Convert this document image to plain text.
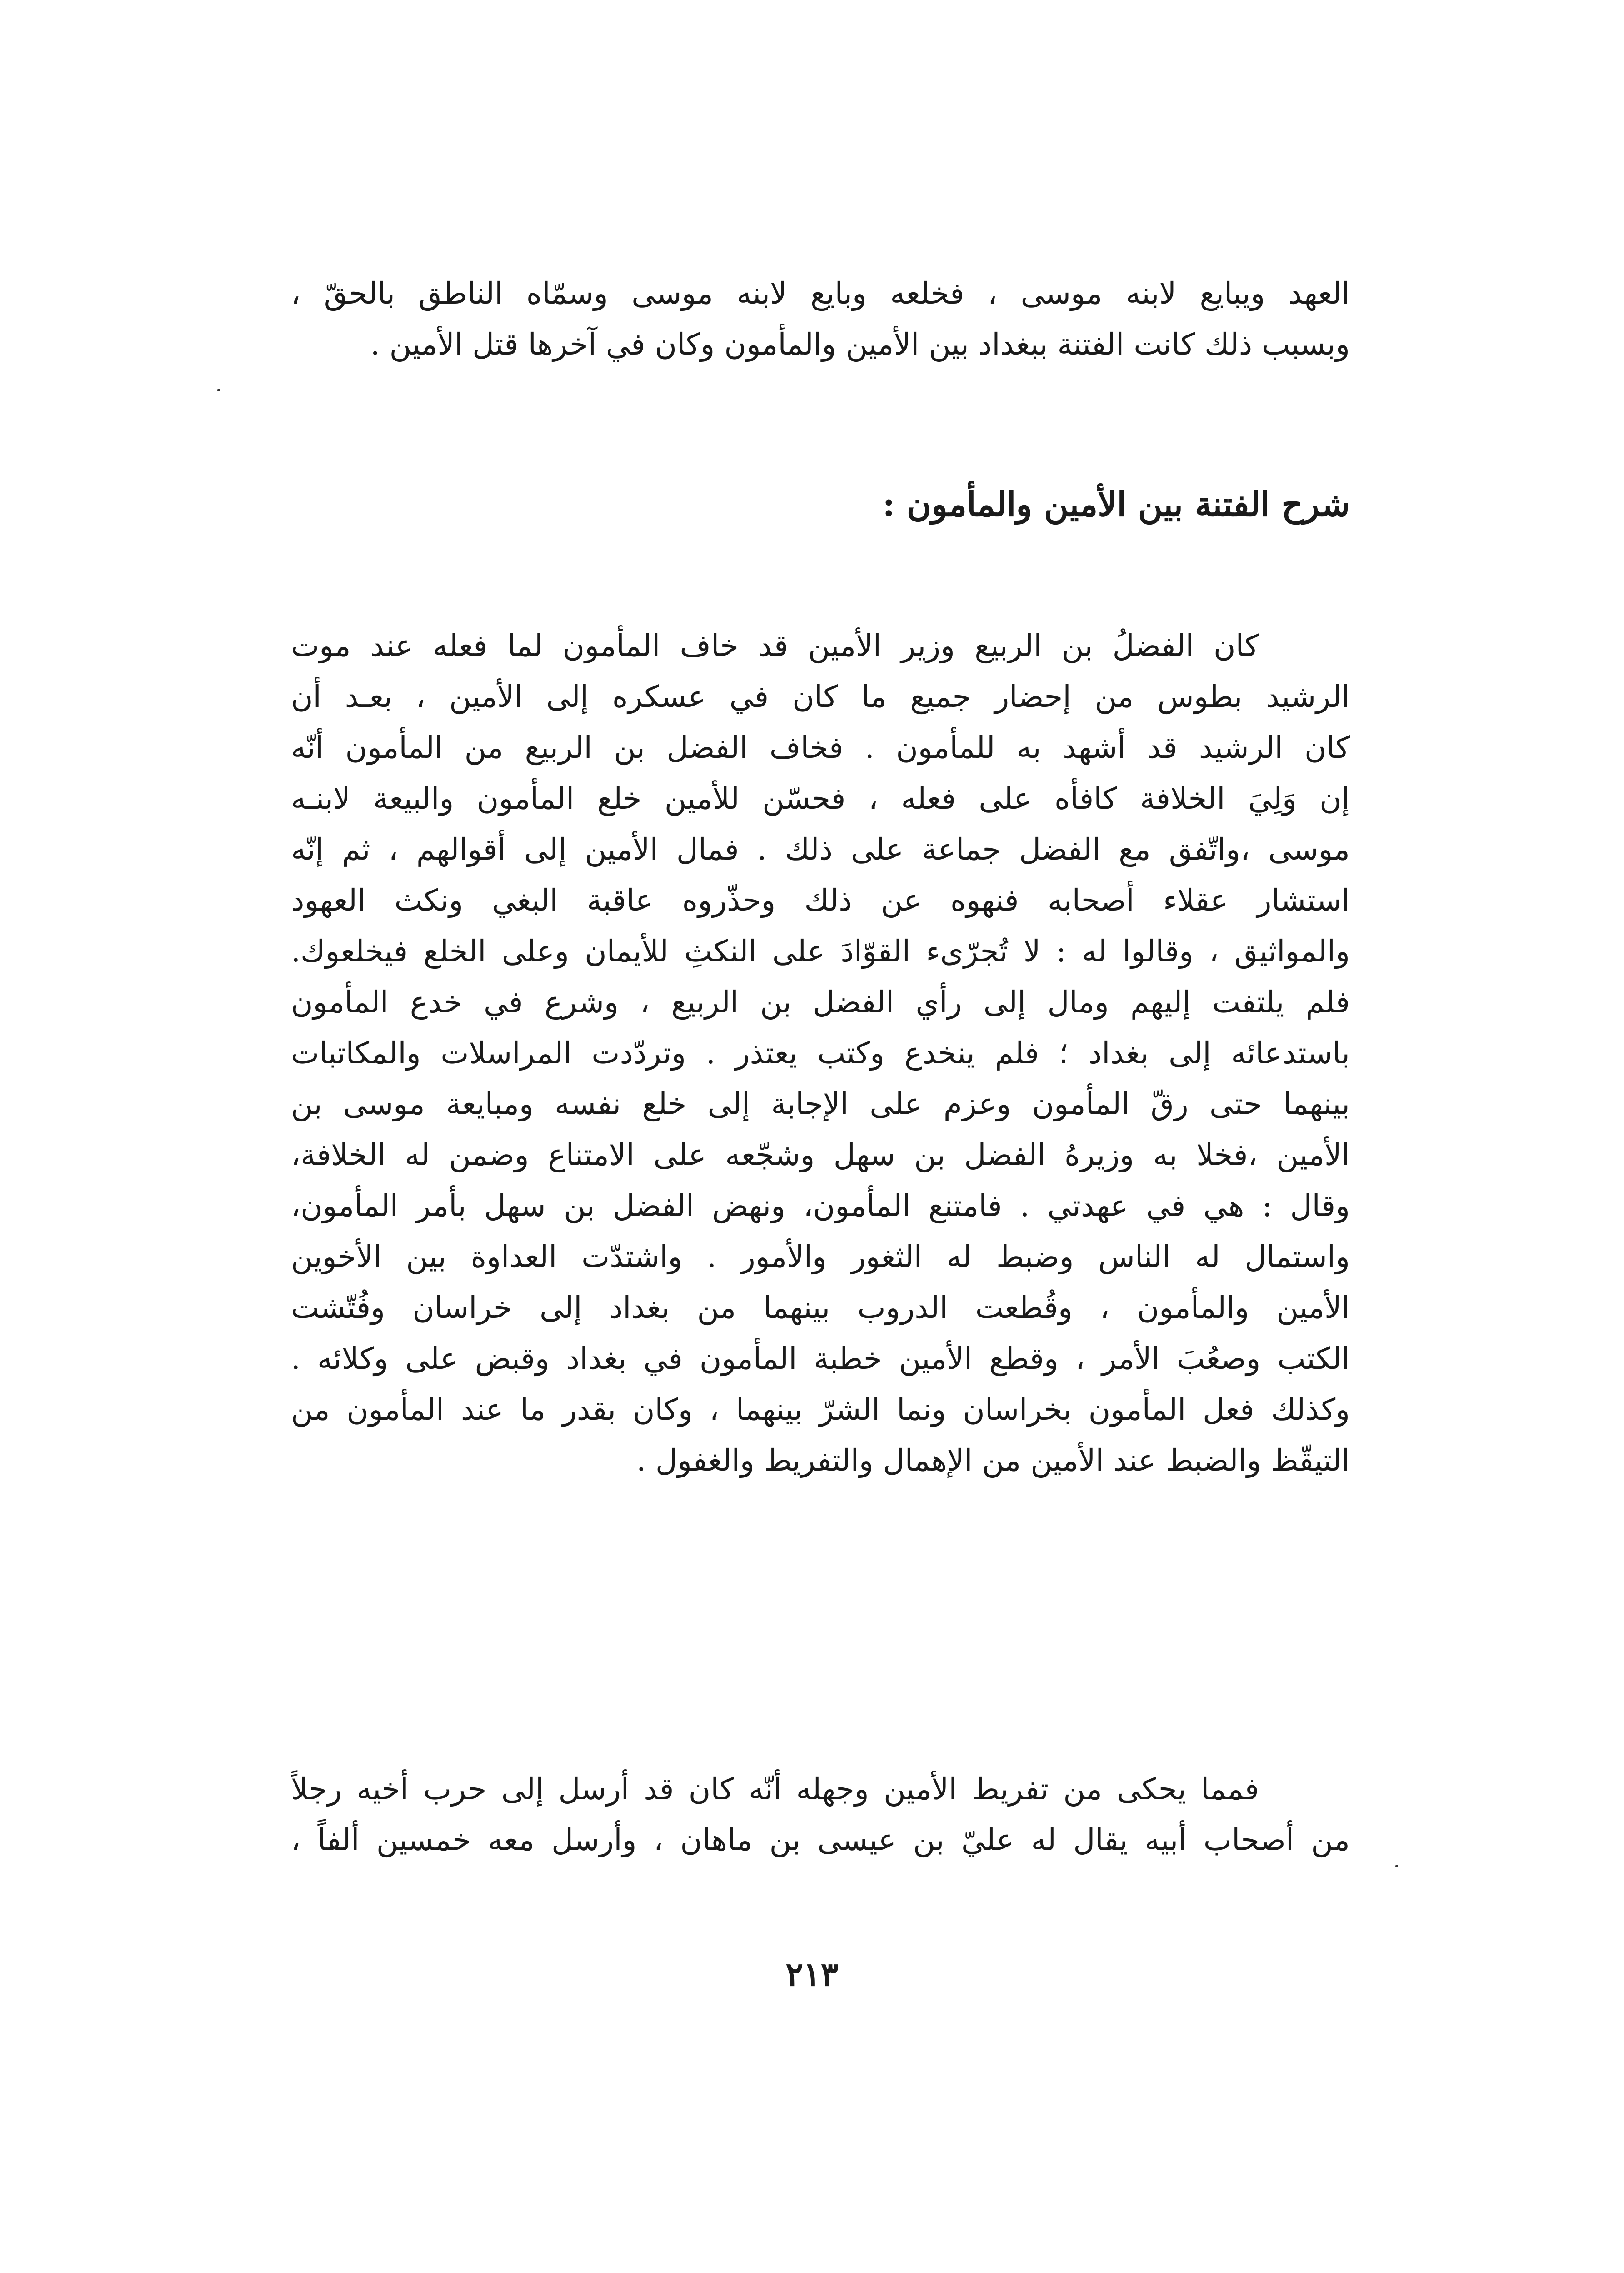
العهد ويبايع لابنه موسى ، فخلعه وبايع لابنه موسى وسمّاه الناطق بالحقّ ،
وبسبب ذلك كانت الفتنة ببغداد بين الأمين والمأمون وكان في آخرها قتل الأمين .
شرح الفتنة بين الأمين والمأمون :
كان الفضلُ بن الربيع وزير الأمين قد خاف المأمون لما فعله عند موت
الرشيد بطوس من إحضار جميع ما كان في عسكره إلى الأمين ، بعـد أن
كان الرشيد قد أشهد به للمأمون . فخاف الفضل بن الربيع من المأمون أنّه
إن وَلِيَ الخلافة كافأه على فعله ، فحسّن للأمين خلع المأمون والبيعة لابنـه
موسى ،واتّفق مع الفضل جماعة على ذلك . فمال الأمين إلى أقوالهم ، ثم إنّه
استشار عقلاء أصحابه فنهوه عن ذلك وحذّروه عاقبة البغي ونكث العهود
والمواثيق ، وقالوا له : لا تُجرّىء القوّادَ على النكثِ للأيمان وعلى الخلع فيخلعوك.
فلم يلتفت إليهم ومال إلى رأي الفضل بن الربيع ، وشرع في خدع المأمون
باستدعائه إلى بغداد ؛ فلم ينخدع وكتب يعتذر . وتردّدت المراسلات والمكاتبات
بينهما حتى رقّ المأمون وعزم على الإجابة إلى خلع نفسه ومبايعة موسى بن
الأمين ،فخلا به وزيرهُ الفضل بن سهل وشجّعه على الامتناع وضمن له الخلافة،
وقال : هي في عهدتي . فامتنع المأمون، ونهض الفضل بن سهل بأمر المأمون،
واستمال له الناس وضبط له الثغور والأمور . واشتدّت العداوة بين الأخوين
الأمين والمأمون ، وقُطعت الدروب بينهما من بغداد إلى خراسان وفُتّشت
الكتب وصعُبَ الأمر ، وقطع الأمين خطبة المأمون في بغداد وقبض على وكلائه .
وكذلك فعل المأمون بخراسان ونما الشرّ بينهما ، وكان بقدر ما عند المأمون من
التيقّظ والضبط عند الأمين من الإهمال والتفريط والغفول .
فمما يحكى من تفريط الأمين وجهله أنّه كان قد أرسل إلى حرب أخيه رجلاً
من أصحاب أبيه يقال له عليّ بن عيسى بن ماهان ، وأرسل معه خمسين ألفاً ،
٢١٣
